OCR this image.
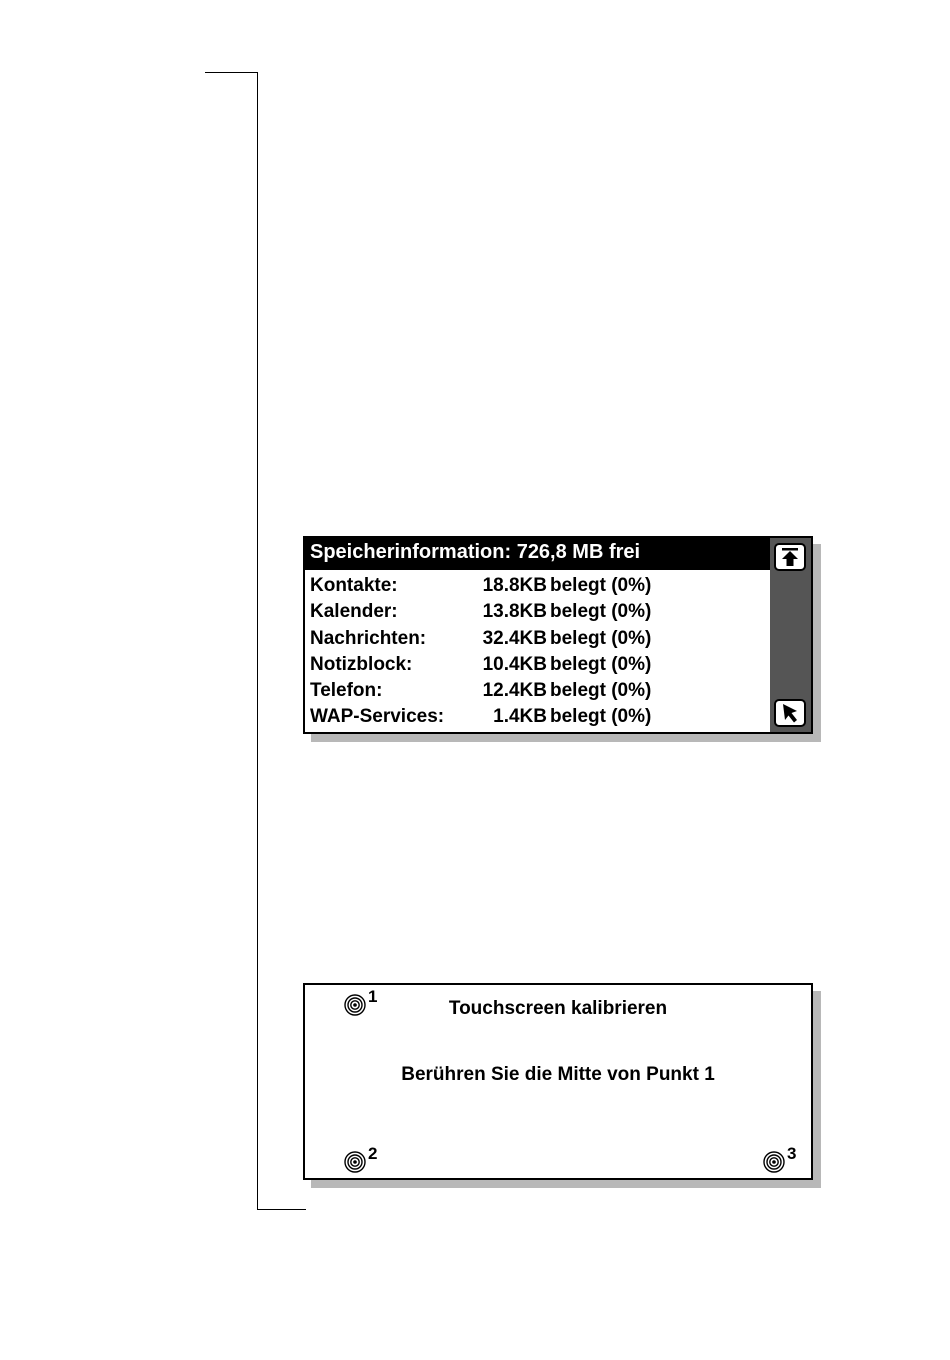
Speicherinformation: 726,8 MB frei
Kontakte:	18.8KB belegt (0%)
Kalender:	13.8KB belegt (0%)
Nachrichten:	32.4KB belegt (0%)
Notizblock:	10.4KB belegt (0%)
Telefon:	12.4KB belegt (0%)
WAP-Services:	1.4KB belegt (0%)
1
Touchscreen kalibrieren
Berühren Sie die Mitte von Punkt 1
2	3
